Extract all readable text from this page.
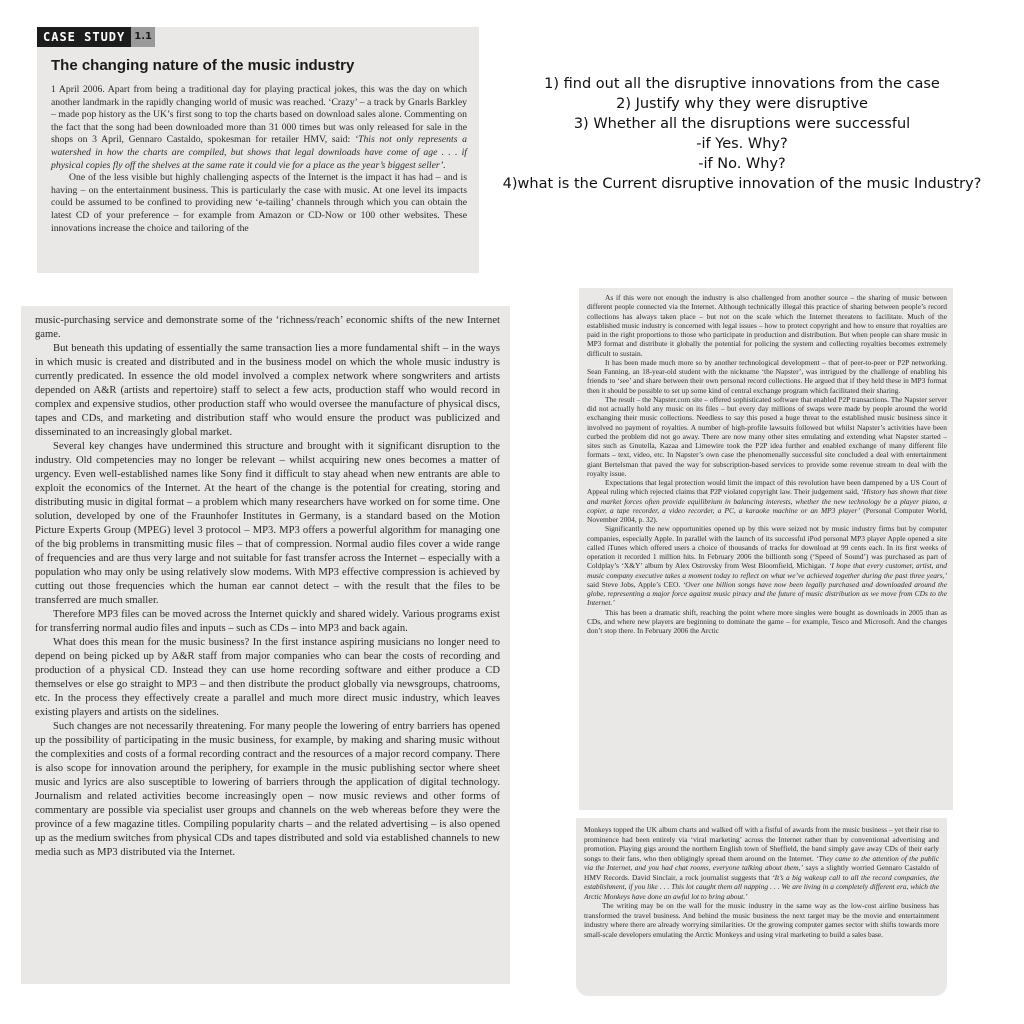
CASE STUDY 1.1
The changing nature of the music industry

1 April 2006. Apart from being a traditional day for playing practical jokes, this was the day on which another landmark in the rapidly changing world of music was reached. ‘Crazy’ – a track by Gnarls Barkley – made pop history as the UK’s first song to top the charts based on download sales alone. Commenting on the fact that the song had been downloaded more than 31 000 times but was only released for sale in the shops on 3 April, Gennaro Castaldo, spokesman for retailer HMV, said: ‘This not only represents a watershed in how the charts are compiled, but shows that legal downloads have come of age . . . if physical copies fly off the shelves at the same rate it could vie for a place as the year’s biggest seller’.

One of the less visible but highly challenging aspects of the Internet is the impact it has had – and is having – on the entertainment business. This is particularly the case with music. At one level its impacts could be assumed to be confined to providing new ‘e-tailing’ channels through which you can obtain the latest CD of your preference – for example from Amazon or CD-Now or 100 other websites. These innovations increase the choice and tailoring of the

1) find out all the disruptive innovations from the case
2) Justify why they were disruptive
3) Whether all the disruptions were successful
-if Yes. Why?
-if No. Why?
4)what is the Current disruptive innovation of the music Industry?

music-purchasing service and demonstrate some of the ‘richness/reach’ economic shifts of the new Internet game.

But beneath this updating of essentially the same transaction lies a more fundamental shift – in the ways in which music is created and distributed and in the business model on which the whole music industry is currently predicated. In essence the old model involved a complex network where songwriters and artists depended on A&R (artists and repertoire) staff to select a few acts, production staff who would record in complex and expensive studios, other production staff who would oversee the manufacture of physical discs, tapes and CDs, and marketing and distribution staff who would ensure the product was publicized and disseminated to an increasingly global market.

Several key changes have undermined this structure and brought with it significant disruption to the industry. Old competencies may no longer be relevant – whilst acquiring new ones becomes a matter of urgency. Even well-established names like Sony find it difficult to stay ahead when new entrants are able to exploit the economics of the Internet. At the heart of the change is the potential for creating, storing and distributing music in digital format – a problem which many researchers have worked on for some time. One solution, developed by one of the Fraunhofer Institutes in Germany, is a standard based on the Motion Picture Experts Group (MPEG) level 3 protocol – MP3. MP3 offers a powerful algorithm for managing one of the big problems in transmitting music files – that of compression. Normal audio files cover a wide range of frequencies and are thus very large and not suitable for fast transfer across the Internet – especially with a population who may only be using relatively slow modems. With MP3 effective compression is achieved by cutting out those frequencies which the human ear cannot detect – with the result that the files to be transferred are much smaller.

Therefore MP3 files can be moved across the Internet quickly and shared widely. Various programs exist for transferring normal audio files and inputs – such as CDs – into MP3 and back again.

What does this mean for the music business? In the first instance aspiring musicians no longer need to depend on being picked up by A&R staff from major companies who can bear the costs of recording and production of a physical CD. Instead they can use home recording software and either produce a CD themselves or else go straight to MP3 – and then distribute the product globally via newsgroups, chatrooms, etc. In the process they effectively create a parallel and much more direct music industry, which leaves existing players and artists on the sidelines.

Such changes are not necessarily threatening. For many people the lowering of entry barriers has opened up the possibility of participating in the music business, for example, by making and sharing music without the complexities and costs of a formal recording contract and the resources of a major record company. There is also scope for innovation around the periphery, for example in the music publishing sector where sheet music and lyrics are also susceptible to lowering of barriers through the application of digital technology. Journalism and related activities become increasingly open – now music reviews and other forms of commentary are possible via specialist user groups and channels on the web whereas before they were the province of a few magazine titles. Compiling popularity charts – and the related advertising – is also opened up as the medium switches from physical CDs and tapes distributed and sold via established channels to new media such as MP3 distributed via the Internet.

As if this were not enough the industry is also challenged from another source – the sharing of music between different people connected via the Internet. Although technically illegal this practice of sharing between people’s record collections has always taken place – but not on the scale which the Internet threatens to facilitate. Much of the established music industry is concerned with legal issues – how to protect copyright and how to ensure that royalties are paid in the right proportions to those who participate in production and distribution. But when people can share music in MP3 format and distribute it globally the potential for policing the system and collecting royalties becomes extremely difficult to sustain.

It has been made much more so by another technological development – that of peer-to-peer or P2P networking. Sean Fanning, an 18-year-old student with the nickname ‘the Napster’, was intrigued by the challenge of enabling his friends to ‘see’ and share between their own personal record collections. He argued that if they held these in MP3 format then it should be possible to set up some kind of central exchange program which facilitated their sharing.

The result – the Napster.com site – offered sophisticated software that enabled P2P transactions. The Napster server did not actually hold any music on its files – but every day millions of swaps were made by people around the world exchanging their music collections. Needless to say this posed a huge threat to the established music business since it involved no payment of royalties. A number of high-profile lawsuits followed but whilst Napster’s activities have been curbed the problem did not go away. There are now many other sites emulating and extending what Napster started – sites such as Gnutella, Kazaa and Limewire took the P2P idea further and enabled exchange of many different file formats – text, video, etc. In Napster’s own case the phenomenally successful site concluded a deal with entertainment giant Bertelsman that paved the way for subscription-based services to provide some revenue stream to deal with the royalty issue.

Expectations that legal protection would limit the impact of this revolution have been dampened by a US Court of Appeal ruling which rejected claims that P2P violated copyright law. Their judgement said, ‘History has shown that time and market forces often provide equilibrium in balancing interests, whether the new technology be a player piano, a copier, a tape recorder, a video recorder, a PC, a karaoke machine or an MP3 player’ (Personal Computer World, November 2004, p. 32).

Significantly the new opportunities opened up by this were seized not by music industry firms but by computer companies, especially Apple. In parallel with the launch of its successful iPod personal MP3 player Apple opened a site called iTunes which offered users a choice of thousands of tracks for download at 99 cents each. In its first weeks of operation it recorded 1 million hits. In February 2006 the billionth song (‘Speed of Sound’) was purchased as part of Coldplay’s ‘X&Y’ album by Alex Ostrovsky from West Bloomfield, Michigan. ‘I hope that every customer, artist, and music company executive takes a moment today to reflect on what we’ve achieved together during the past three years,’ said Steve Jobs, Apple’s CEO. ‘Over one billion songs have now been legally purchased and downloaded around the globe, representing a major force against music piracy and the future of music distribution as we move from CDs to the Internet.’

This has been a dramatic shift, reaching the point where more singles were bought as downloads in 2005 than as CDs, and where new players are beginning to dominate the game – for example, Tesco and Microsoft. And the changes don’t stop there. In February 2006 the Arctic

Monkeys topped the UK album charts and walked off with a fistful of awards from the music business – yet their rise to prominence had been entirely via ‘viral marketing’ across the Internet rather than by conventional advertising and promotion. Playing gigs around the northern English town of Sheffield, the band simply gave away CDs of their early songs to their fans, who then obligingly spread them around on the Internet. ‘They came to the attention of the public via the Internet, and you had chat rooms, everyone talking about them,’ says a slightly worried Gennaro Castaldo of HMV Records. David Sinclair, a rock journalist suggests that ‘It’s a big wakeup call to all the record companies, the establishment, if you like . . . This lot caught them all napping . . . We are living in a completely different era, which the Arctic Monkeys have done an awful lot to bring about.’

The writing may be on the wall for the music industry in the same way as the low-cost airline business has transformed the travel business. And behind the music business the next target may be the movie and entertainment industry where there are already worrying similarities. Or the growing computer games sector with shifts towards more small-scale developers emulating the Arctic Monkeys and using viral marketing to build a sales base.
